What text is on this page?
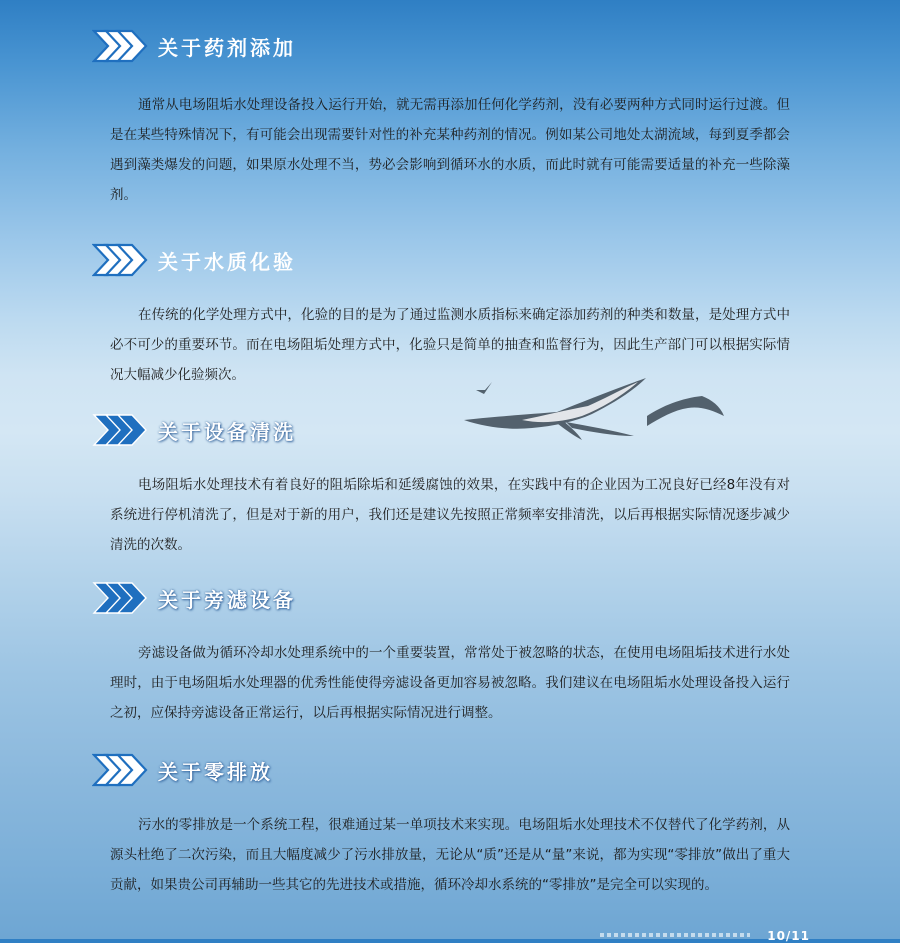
关于药剂添加

通常从电场阻垢水处理设备投入运行开始，就无需再添加任何化学药剂，没有必要两种方式同时运行过渡。但是在某些特殊情况下，有可能会出现需要针对性的补充某种药剂的情况。例如某公司地处太湖流域，每到夏季都会遇到藻类爆发的问题，如果原水处理不当，势必会影响到循环水的水质，而此时就有可能需要适量的补充一些除藻剂。

关于水质化验

在传统的化学处理方式中，化验的目的是为了通过监测水质指标来确定添加药剂的种类和数量，是处理方式中必不可少的重要环节。而在电场阻垢处理方式中，化验只是简单的抽查和监督行为，因此生产部门可以根据实际情况大幅减少化验频次。

关于设备清洗

电场阻垢水处理技术有着良好的阻垢除垢和延缓腐蚀的效果，在实践中有的企业因为工况良好已经8年没有对系统进行停机清洗了，但是对于新的用户，我们还是建议先按照正常频率安排清洗，以后再根据实际情况逐步减少清洗的次数。

关于旁滤设备

旁滤设备做为循环冷却水处理系统中的一个重要装置，常常处于被忽略的状态，在使用电场阻垢技术进行水处理时，由于电场阻垢水处理器的优秀性能使得旁滤设备更加容易被忽略。我们建议在电场阻垢水处理设备投入运行之初，应保持旁滤设备正常运行，以后再根据实际情况进行调整。

关于零排放

污水的零排放是一个系统工程，很难通过某一单项技术来实现。电场阻垢水处理技术不仅替代了化学药剂，从源头杜绝了二次污染，而且大幅度减少了污水排放量，无论从“质”还是从“量”来说，都为实现“零排放”做出了重大贡献，如果贵公司再辅助一些其它的先进技术或措施，循环冷却水系统的“零排放”是完全可以实现的。

10/11
